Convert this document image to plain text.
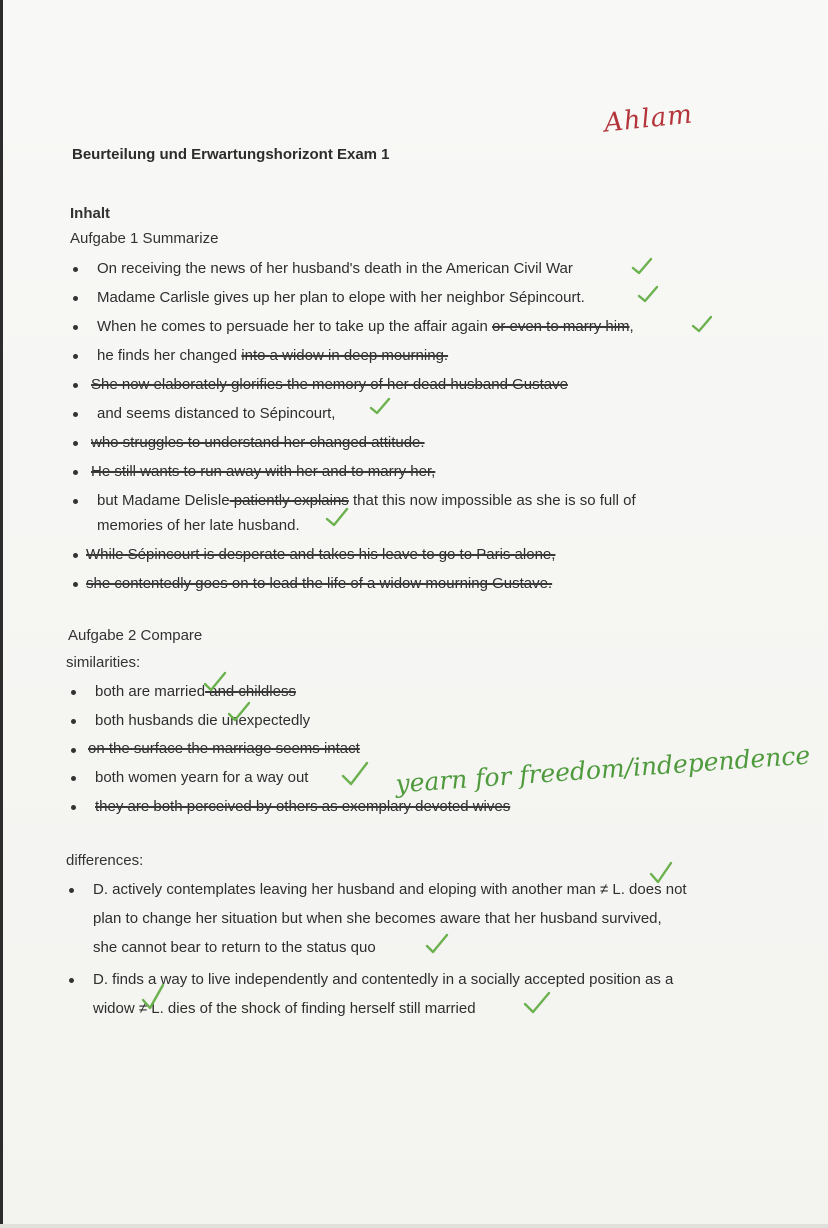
Ahlam
Beurteilung und Erwartungshorizont Exam 1
Inhalt
Aufgabe 1 Summarize
On receiving the news of her husband's death in the American Civil War
Madame Carlisle gives up her plan to elope with her neighbor Sépincourt.
When he comes to persuade her to take up the affair again or even to marry him,
he finds her changed into a widow in deep mourning.
She now elaborately glorifies the memory of her dead husband Gustave
and seems distanced to Sépincourt,
who struggles to understand her changed attitude.
He still wants to run away with her and to marry her,
but Madame Delisle patiently explains that this now impossible as she is so full of
memories of her late husband.
While Sépincourt is desperate and takes his leave to go to Paris alone,
she contentedly goes on to lead the life of a widow mourning Gustave.
Aufgabe 2 Compare
similarities:
both are married and childless
both husbands die unexpectedly
on the surface the marriage seems intact
both women yearn for a way out	yearn for freedom/independence
they are both perceived by others as exemplary devoted wives
differences:
D. actively contemplates leaving her husband and eloping with another man ≠ L. does not
plan to change her situation but when she becomes aware that her husband survived,
she cannot bear to return to the status quo
D. finds a way to live independently and contentedly in a socially accepted position as a
widow ≠ L. dies of the shock of finding herself still married
